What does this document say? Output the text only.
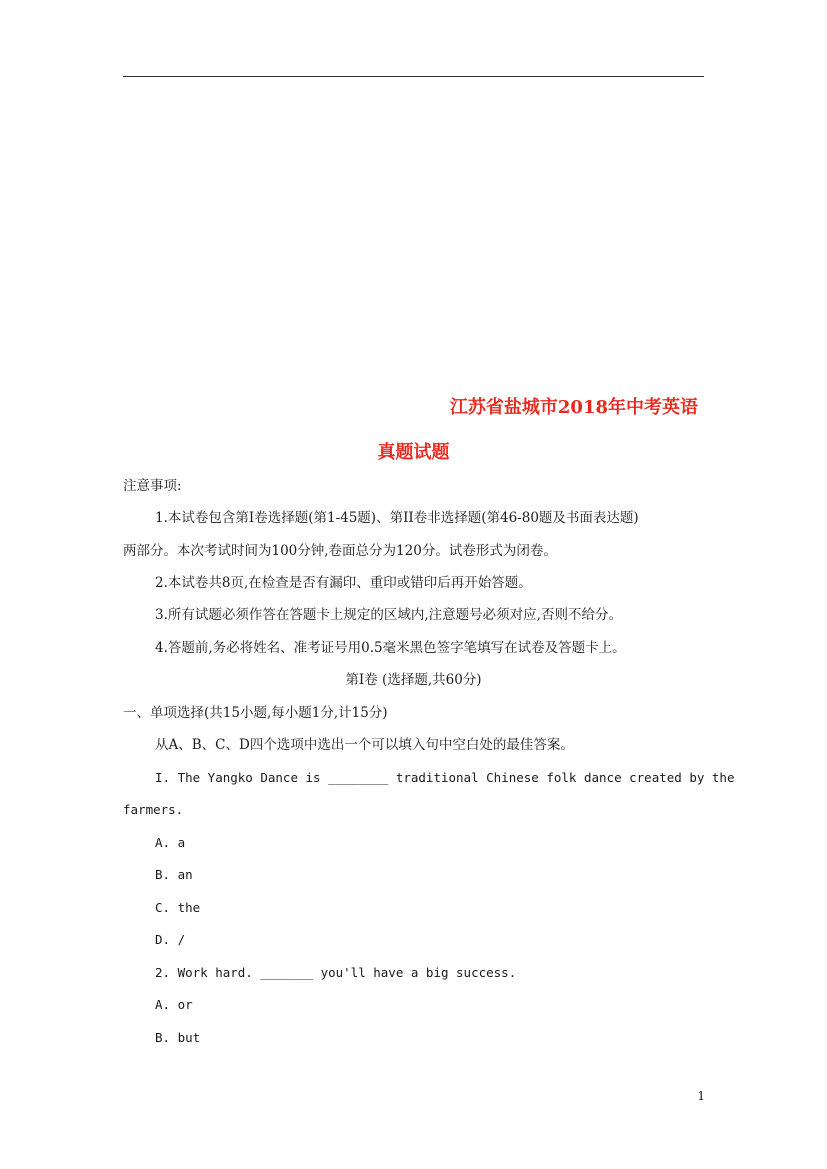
江苏省盐城市2018年中考英语
真题试题
注意事项:
1.本试卷包含第I卷选择题(第1-45题)、第II卷非选择题(第46-80题及书面表达题)
两部分。本次考试时间为100分钟,卷面总分为120分。试卷形式为闭卷。
2.本试卷共8页,在检查是否有漏印、重印或错印后再开始答题。
3.所有试题必须作答在答题卡上规定的区域内,注意题号必须对应,否则不给分。
4.答题前,务必将姓名、准考证号用0.5毫米黑色签字笔填写在试卷及答题卡上。
第I卷 (选择题,共60分)
一、单项选择(共15小题,每小题1分,计15分)
从A、B、C、D四个选项中选出一个可以填入句中空白处的最佳答案。
I. The Yangko Dance is ________ traditional Chinese folk dance created by the
farmers.
A. a
B. an
C. the
D. /
2. Work hard. _______ you'll have a big success.
A. or
B. but
1
